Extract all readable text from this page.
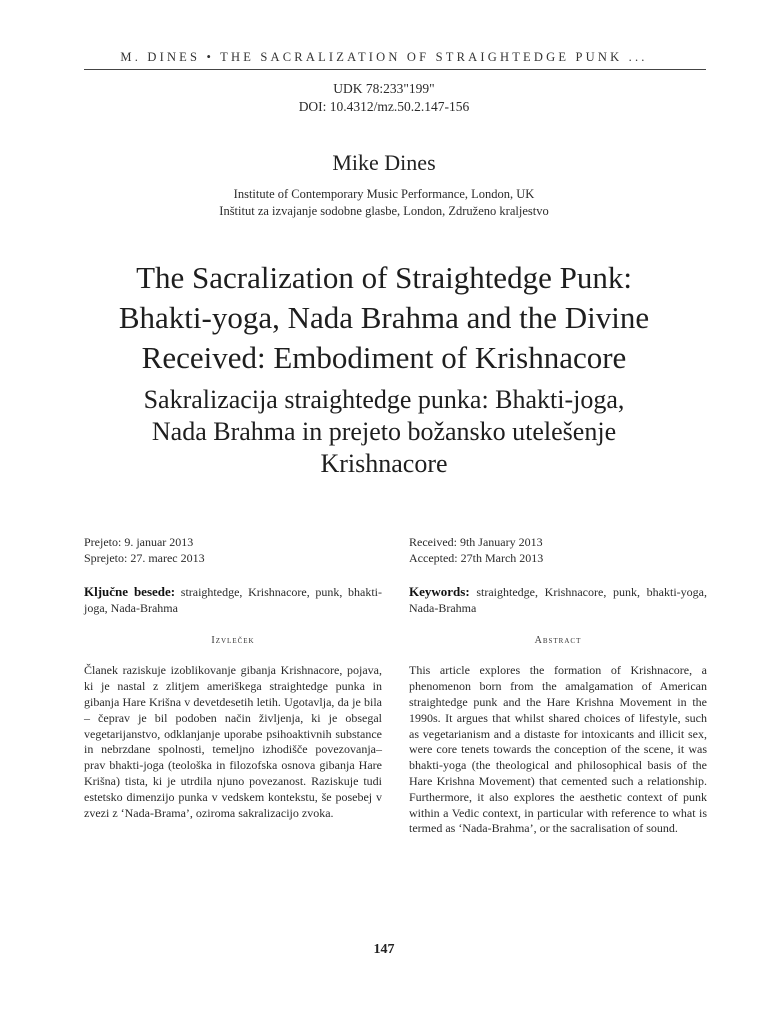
M. DINES • THE SACRALIZATION OF STRAIGHTEDGE PUNK ...
UDK 78:233"199"
DOI: 10.4312/mz.50.2.147-156
Mike Dines
Institute of Contemporary Music Performance, London, UK
Inštitut za izvajanje sodobne glasbe, London, Združeno kraljestvo
The Sacralization of Straightedge Punk:
Bhakti-yoga, Nada Brahma and the Divine
Received: Embodiment of Krishnacore
Sakralizacija straightedge punka: Bhakti-joga,
Nada Brahma in prejeto božansko utelešenje
Krishnacore
Prejeto: 9. januar 2013
Sprejeto: 27. marec 2013
Ključne besede: straightedge, Krishnacore, punk, bhakti-joga, Nada-Brahma
Izvleček
Članek raziskuje izoblikovanje gibanja Krishnacore, pojava, ki je nastal z zlitjem ameriškega straightedge punka in gibanja Hare Krišna v devetdesetih letih. Ugotavlja, da je bila – čeprav je bil podoben način življenja, ki je obsegal vegetarijanstvo, odklanjanje uporabe psihoaktivnih substance in nebrzdane spolnosti, temeljno izhodišče povezovanja– prav bhakti-joga (teološka in filozofska osnova gibanja Hare Krišna) tista, ki je utrdila njuno povezanost. Raziskuje tudi estetsko dimenzijo punka v vedskem kontekstu, še posebej v zvezi z ‘Nada-Brama’, oziroma sakralizacijo zvoka.
Received: 9th January 2013
Accepted: 27th March 2013
Keywords: straightedge, Krishnacore, punk, bhakti-yoga, Nada-Brahma
Abstract
This article explores the formation of Krishnacore, a phenomenon born from the amalgamation of American straightedge punk and the Hare Krishna Movement in the 1990s. It argues that whilst shared choices of lifestyle, such as vegetarianism and a distaste for intoxicants and illicit sex, were core tenets towards the conception of the scene, it was bhakti-yoga (the theological and philosophical basis of the Hare Krishna Movement) that cemented such a relationship. Furthermore, it also explores the aesthetic context of punk within a Vedic context, in particular with reference to what is termed as ‘Nada-Brahma’, or the sacralisation of sound.
147
